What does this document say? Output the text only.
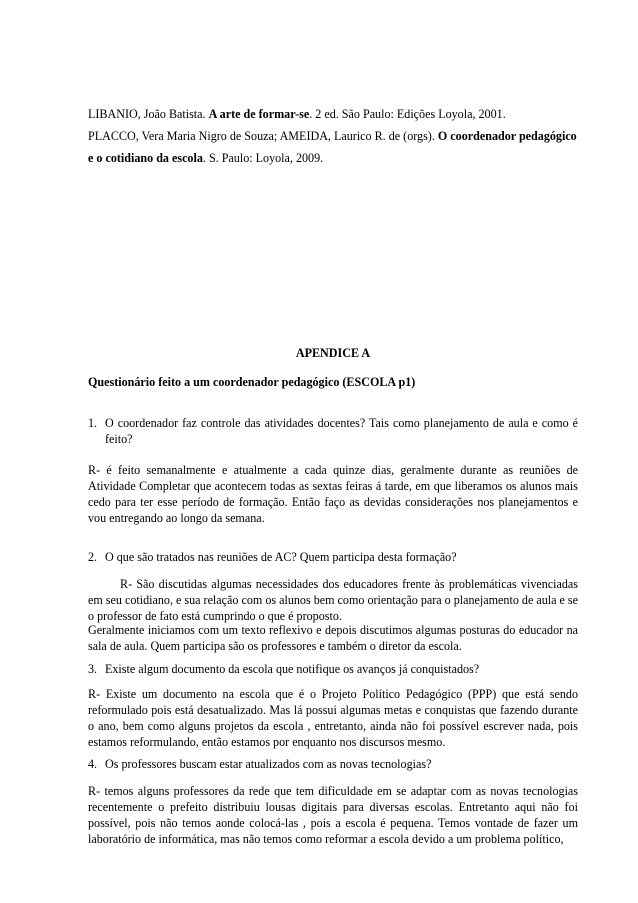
LIBANIO, João Batista. A arte de formar-se. 2 ed. São Paulo: Edições Loyola, 2001.

PLACCO, Vera Maria Nigro de Souza; AMEIDA, Laurico R. de (orgs). O coordenador pedagógico e o cotidiano da escola. S. Paulo: Loyola, 2009.

APENDICE A

Questionário feito a um coordenador pedagógico (ESCOLA p1)

1. O coordenador faz controle das atividades docentes? Tais como planejamento de aula e como é feito?

R- é feito semanalmente e atualmente a cada quinze dias, geralmente durante as reuniões de Atividade Completar que acontecem todas as sextas feiras á tarde, em que liberamos os alunos mais cedo para ter esse período de formação. Então faço as devidas considerações nos planejamentos e vou entregando ao longo da semana.

2. O que são tratados nas reuniões de AC? Quem participa desta formação?

R- São discutidas algumas necessidades dos educadores frente às problemáticas vivenciadas em seu cotidiano, e sua relação com os alunos bem como orientação para o planejamento de aula e se o professor de fato está cumprindo o que é proposto.

Geralmente iniciamos com um texto reflexivo e depois discutimos algumas posturas do educador na sala de aula. Quem participa são os professores e também o diretor da escola.

3. Existe algum documento da escola que notifique os avanços já conquistados?

R- Existe um documento na escola que é o Projeto Político Pedagógico (PPP) que está sendo reformulado pois está desatualizado. Mas lá possui algumas metas e conquistas que fazendo durante o ano, bem como alguns projetos da escola , entretanto, ainda não foi possível escrever nada, pois estamos reformulando, então estamos por enquanto nos discursos mesmo.

4. Os professores buscam estar atualizados com as novas tecnologias?

R- temos alguns professores da rede que tem dificuldade em se adaptar com as novas tecnologias recentemente o prefeito distribuiu lousas digitais para diversas escolas. Entretanto aqui não foi possível, pois não temos aonde colocá-las , pois a escola é pequena. Temos vontade de fazer um laboratório de informática, mas não temos como reformar a escola devido a um problema político,
